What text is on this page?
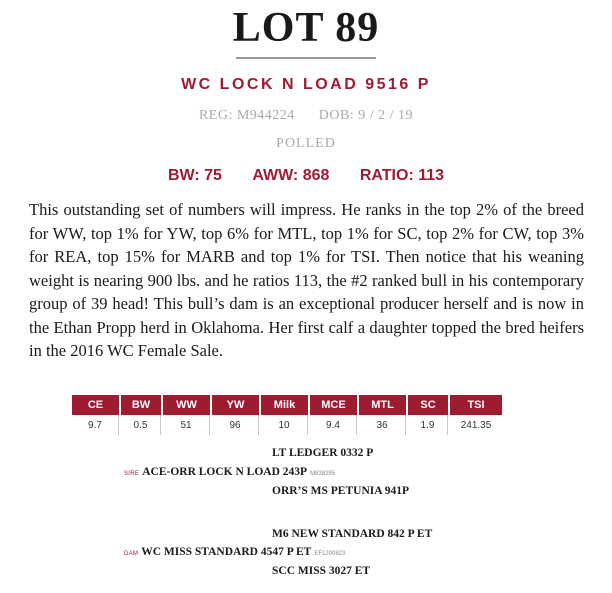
LOT 89
WC LOCK N LOAD 9516 P
REG: M944224 DOB: 9 / 2 / 19
POLLED
BW: 75 AWW: 868 RATIO: 113
This outstanding set of numbers will impress. He ranks in the top 2% of the breed for WW, top 1% for YW, top 6% for MTL, top 1% for SC, top 2% for CW, top 3% for REA, top 15% for MARB and top 1% for TSI. Then notice that his weaning weight is nearing 900 lbs. and he ratios 113, the #2 ranked bull in his contemporary group of 39 head! This bull’s dam is an exceptional producer herself and is now in the Ethan Propp herd in Oklahoma. Her first calf a daughter topped the bred heifers in the 2016 WC Female Sale.
CE	BW	WW	YW	Milk	MCE	MTL	SC	TSI
9.7	0.5	51	96	10	9.4	36	1.9	241.35
LT LEDGER 0332 P
SIRE ACE-ORR LOCK N LOAD 243P M838295
ORR’S MS PETUNIA 941P
M6 NEW STANDARD 842 P ET
DAM WC MISS STANDARD 4547 P ET EF1200823
SCC MISS 3027 ET
